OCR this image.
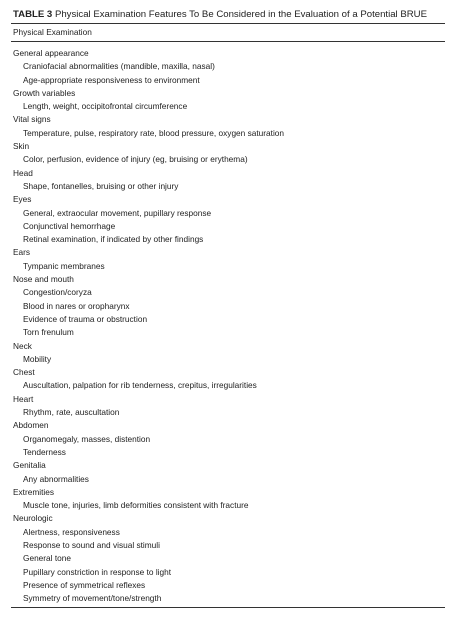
TABLE 3 Physical Examination Features To Be Considered in the Evaluation of a Potential BRUE
Physical Examination
General appearance
Craniofacial abnormalities (mandible, maxilla, nasal)
Age-appropriate responsiveness to environment
Growth variables
Length, weight, occipitofrontal circumference
Vital signs
Temperature, pulse, respiratory rate, blood pressure, oxygen saturation
Skin
Color, perfusion, evidence of injury (eg, bruising or erythema)
Head
Shape, fontanelles, bruising or other injury
Eyes
General, extraocular movement, pupillary response
Conjunctival hemorrhage
Retinal examination, if indicated by other findings
Ears
Tympanic membranes
Nose and mouth
Congestion/coryza
Blood in nares or oropharynx
Evidence of trauma or obstruction
Torn frenulum
Neck
Mobility
Chest
Auscultation, palpation for rib tenderness, crepitus, irregularities
Heart
Rhythm, rate, auscultation
Abdomen
Organomegaly, masses, distention
Tenderness
Genitalia
Any abnormalities
Extremities
Muscle tone, injuries, limb deformities consistent with fracture
Neurologic
Alertness, responsiveness
Response to sound and visual stimuli
General tone
Pupillary constriction in response to light
Presence of symmetrical reflexes
Symmetry of movement/tone/strength
